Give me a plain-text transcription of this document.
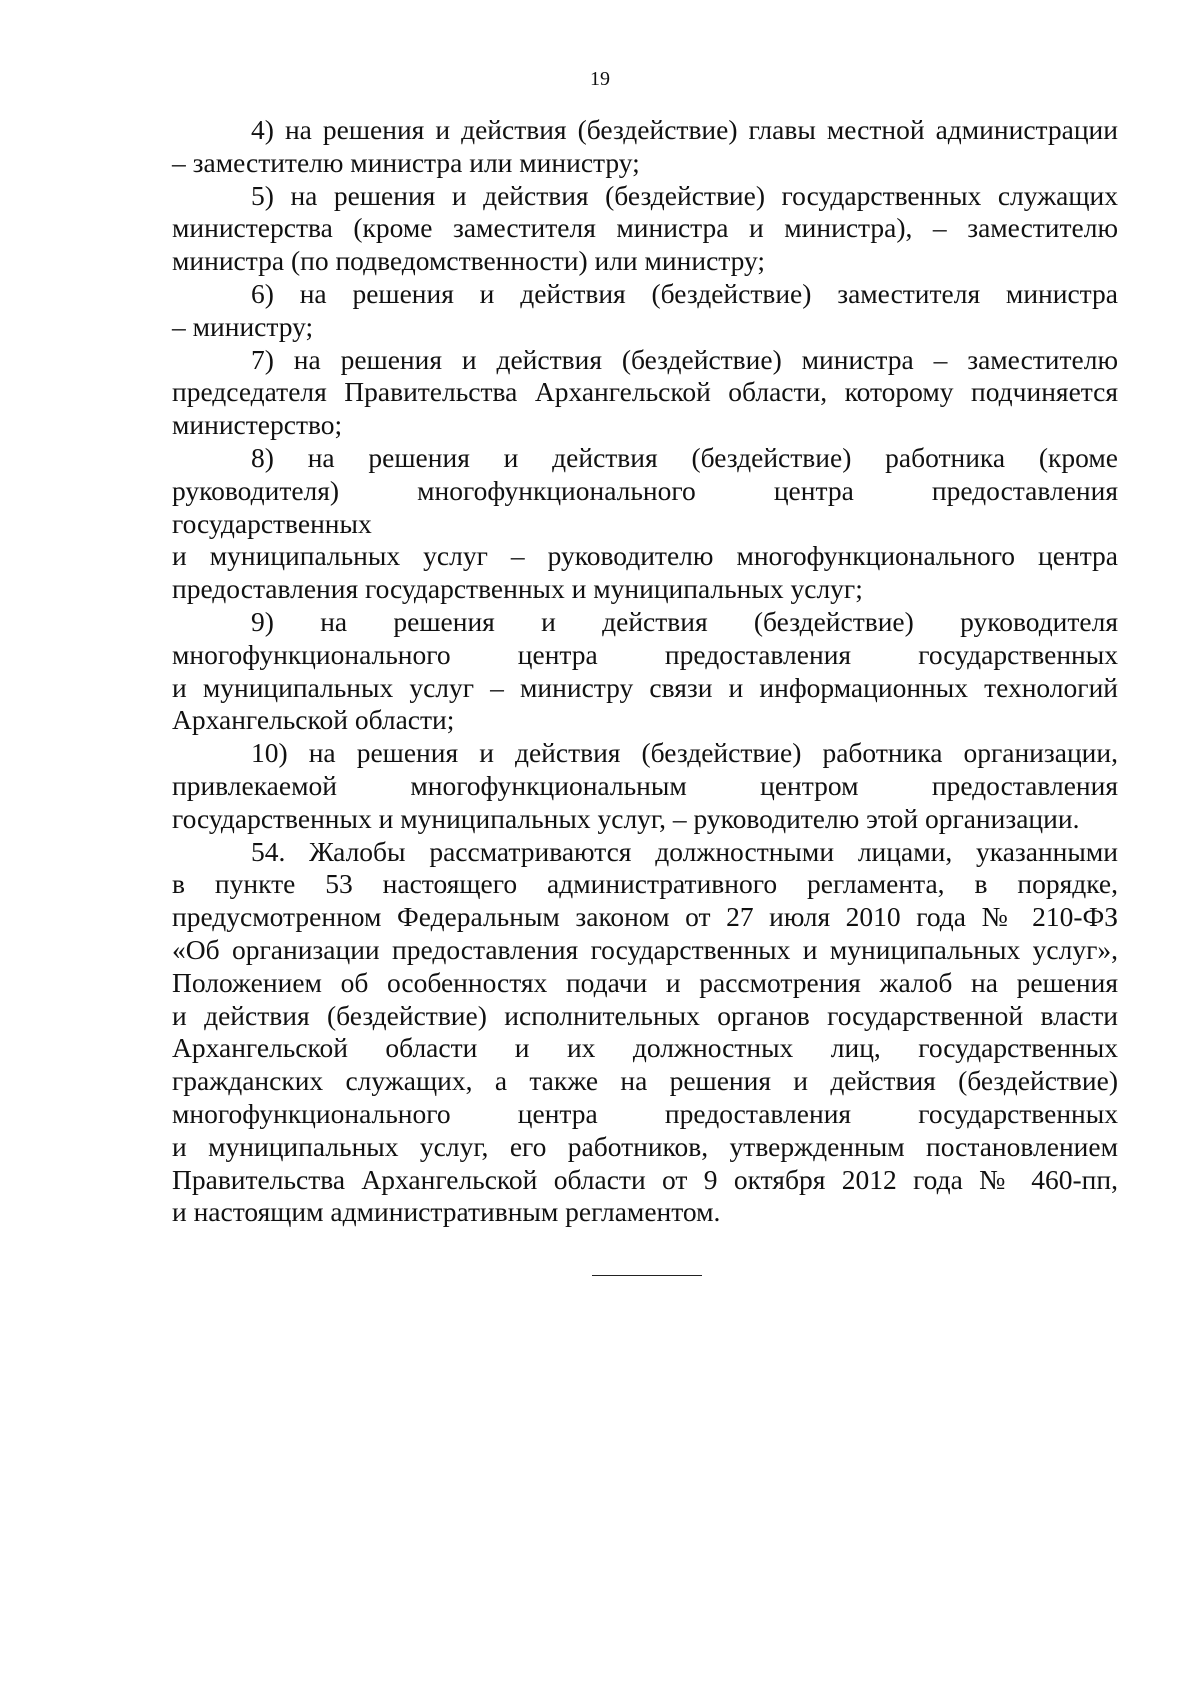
19
4) на решения и действия (бездействие) главы местной администрации
– заместителю министра или министру;
5) на решения и действия (бездействие) государственных служащих
министерства (кроме заместителя министра и министра), – заместителю
министра (по подведомственности) или министру;
6) на решения и действия (бездействие) заместителя министра
– министру;
7) на решения и действия (бездействие) министра – заместителю
председателя Правительства Архангельской области, которому подчиняется
министерство;
8) на решения и действия (бездействие) работника (кроме
руководителя) многофункционального центра предоставления
государственных
и муниципальных услуг – руководителю многофункционального центра
предоставления государственных и муниципальных услуг;
9) на решения и действия (бездействие) руководителя
многофункционального центра предоставления государственных
и муниципальных услуг – министру связи и информационных технологий
Архангельской области;
10) на решения и действия (бездействие) работника организации,
привлекаемой многофункциональным центром предоставления
государственных и муниципальных услуг, – руководителю этой организации.
54. Жалобы рассматриваются должностными лицами, указанными
в пункте 53 настоящего административного регламента, в порядке,
предусмотренном Федеральным законом от 27 июля 2010 года № 210-ФЗ
«Об организации предоставления государственных и муниципальных услуг»,
Положением об особенностях подачи и рассмотрения жалоб на решения
и действия (бездействие) исполнительных органов государственной власти
Архангельской области и их должностных лиц, государственных
гражданских служащих, а также на решения и действия (бездействие)
многофункционального центра предоставления государственных
и муниципальных услуг, его работников, утвержденным постановлением
Правительства Архангельской области от 9 октября 2012 года № 460-пп,
и настоящим административным регламентом.
